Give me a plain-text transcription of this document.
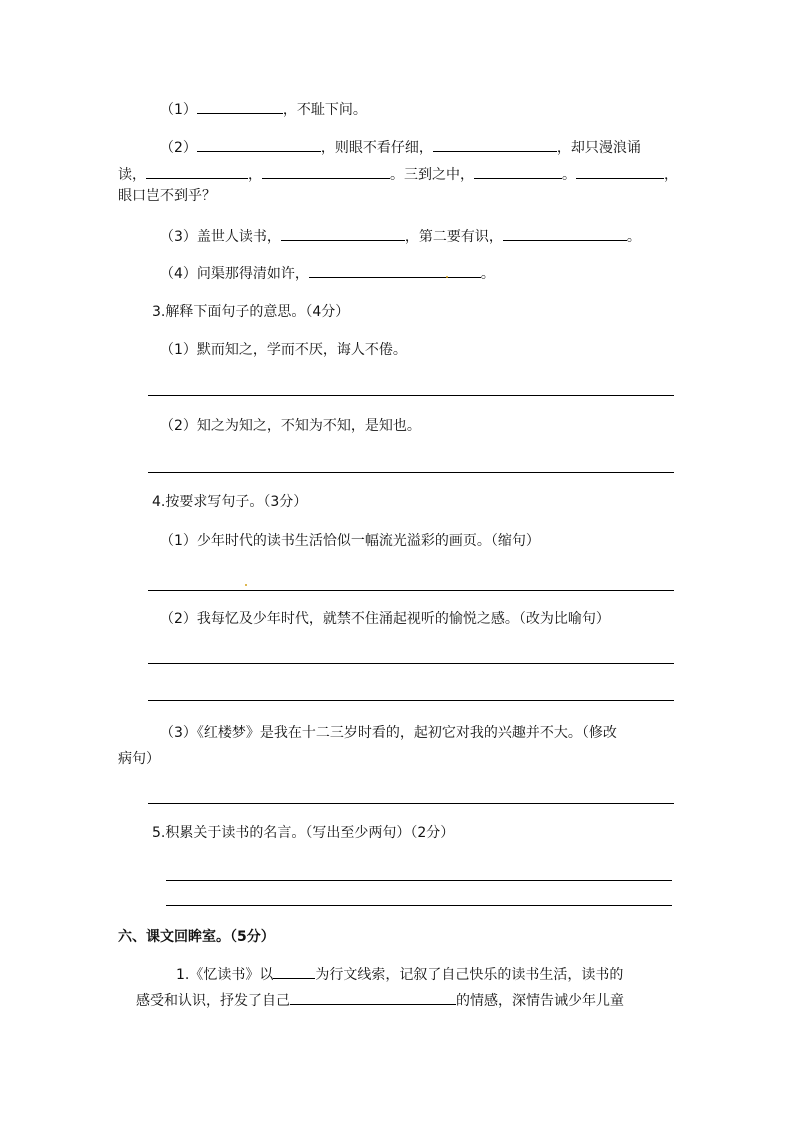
（1）	，不耻下问。
（2）	，则眼不看仔细，	，却只漫浪诵
读，	，	。三到之中，	。	，
眼口岂不到乎？
（3）盖世人读书，	，第二要有识，	。
（4）问渠那得清如许，	。
3.解释下面句子的意思。（4分）
（1）默而知之，学而不厌，诲人不倦。
（2）知之为知之，不知为不知，是知也。
4.按要求写句子。（3分）
（1）少年时代的读书生活恰似一幅流光溢彩的画页。（缩句）
（2）我每忆及少年时代，就禁不住涌起视听的愉悦之感。（改为比喻句）
（3）《红楼梦》是我在十二三岁时看的，起初它对我的兴趣并不大。（修改
病句）
5.积累关于读书的名言。（写出至少两句）（2分）
六、课文回眸室。（5分）
1.《忆读书》以	为行文线索，记叙了自己快乐的读书生活，读书的
感受和认识，抒发了自己	的情感，深情告诫少年儿童
